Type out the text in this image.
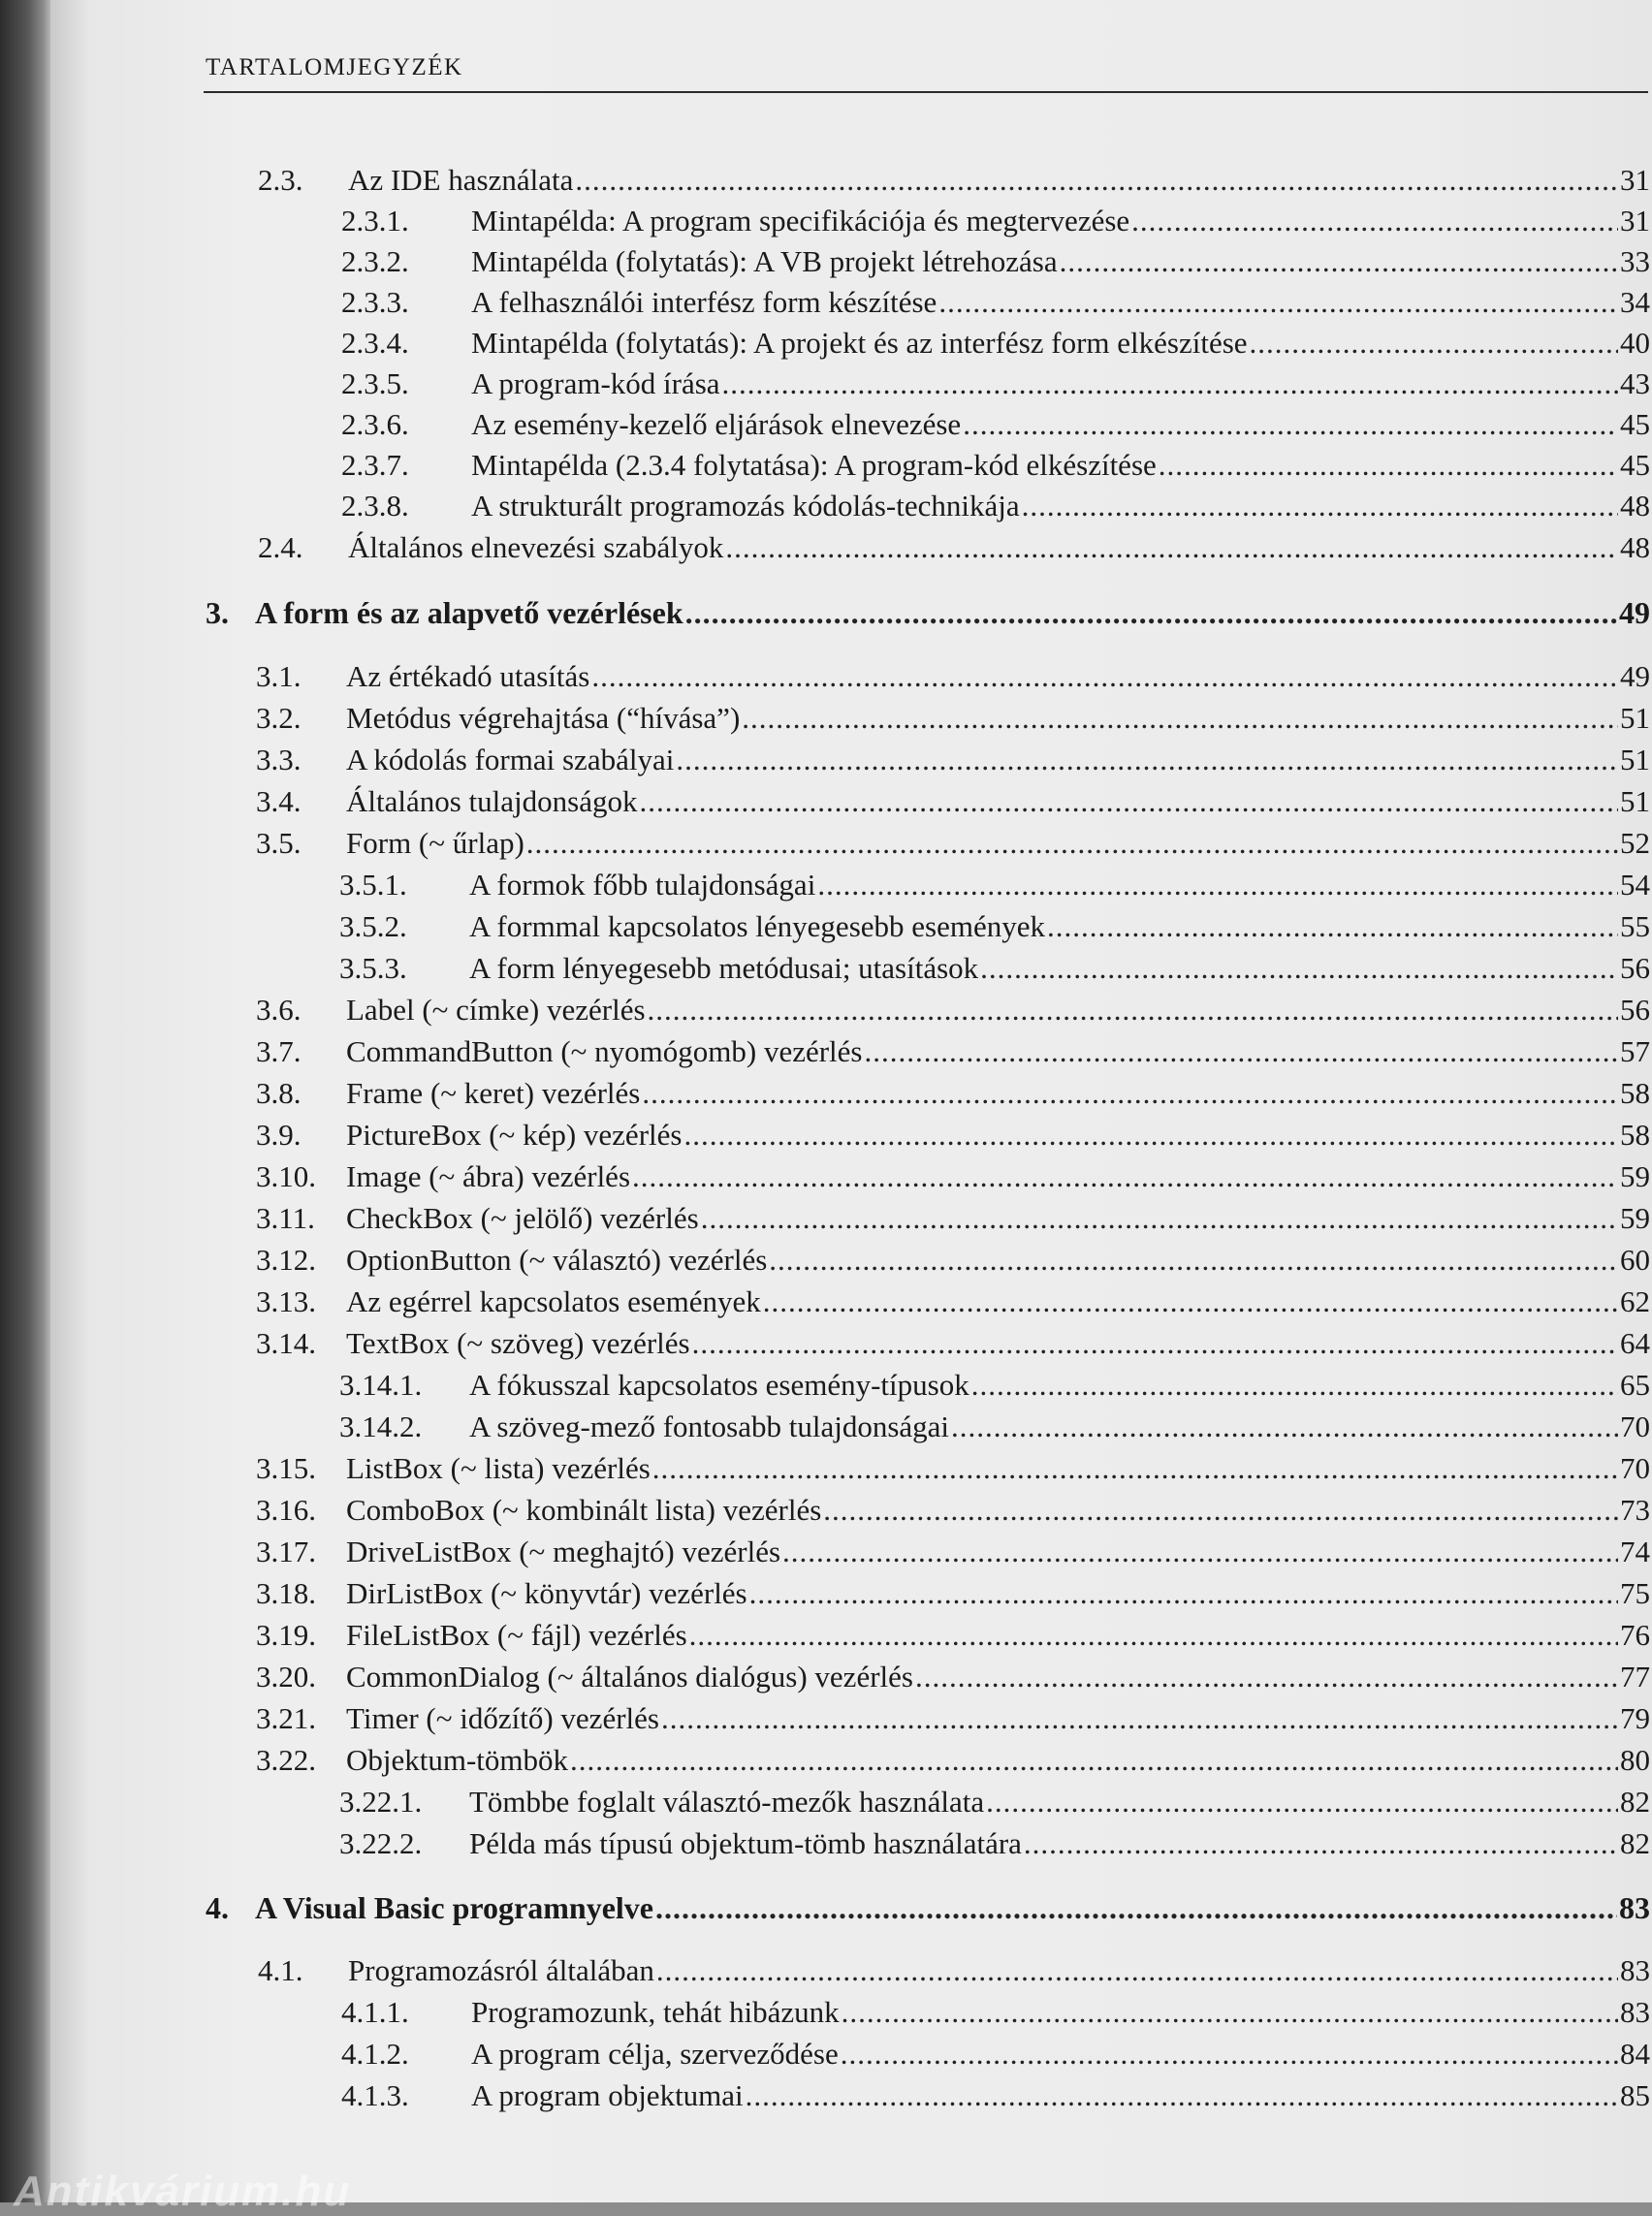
TARTALOMJEGYZÉK
2.3.	Az IDE használata .....	31
2.3.1.	Mintapélda: A program specifikációja és megtervezése .....	31
2.3.2.	Mintapélda (folytatás): A VB projekt létrehozása .....	33
2.3.3.	A felhasználói interfész form készítése .....	34
2.3.4.	Mintapélda (folytatás): A projekt és az interfész form elkészítése .....	40
2.3.5.	A program-kód írása .....	43
2.3.6.	Az esemény-kezelő eljárások elnevezése .....	45
2.3.7.	Mintapélda (2.3.4 folytatása): A program-kód elkészítése .....	45
2.3.8.	A strukturált programozás kódolás-technikája .....	48
2.4.	Általános elnevezési szabályok .....	48
3. A form és az alapvető vezérlések .....	49
3.1.	Az értékadó utasítás .....	49
3.2.	Metódus végrehajtása (“hívása”) .....	51
3.3.	A kódolás formai szabályai .....	51
3.4.	Általános tulajdonságok .....	51
3.5.	Form (~ űrlap) .....	52
3.5.1.	A formok főbb tulajdonságai .....	54
3.5.2.	A formmal kapcsolatos lényegesebb események .....	55
3.5.3.	A form lényegesebb metódusai; utasítások .....	56
3.6.	Label (~ címke) vezérlés .....	56
3.7.	CommandButton (~ nyomógomb) vezérlés .....	57
3.8.	Frame (~ keret) vezérlés .....	58
3.9.	PictureBox (~ kép) vezérlés .....	58
3.10.	Image (~ ábra) vezérlés .....	59
3.11.	CheckBox (~ jelölő) vezérlés .....	59
3.12.	OptionButton (~ választó) vezérlés .....	60
3.13.	Az egérrel kapcsolatos események .....	62
3.14.	TextBox (~ szöveg) vezérlés .....	64
3.14.1.	A fókusszal kapcsolatos esemény-típusok .....	65
3.14.2.	A szöveg-mező fontosabb tulajdonságai .....	70
3.15.	ListBox (~ lista) vezérlés .....	70
3.16.	ComboBox (~ kombinált lista) vezérlés .....	73
3.17.	DriveListBox (~ meghajtó) vezérlés .....	74
3.18.	DirListBox (~ könyvtár) vezérlés .....	75
3.19.	FileListBox (~ fájl) vezérlés .....	76
3.20.	CommonDialog (~ általános dialógus) vezérlés .....	77
3.21.	Timer (~ időzítő) vezérlés .....	79
3.22.	Objektum-tömbök .....	80
3.22.1.	Tömbbe foglalt választó-mezők használata .....	82
3.22.2.	Példa más típusú objektum-tömb használatára .....	82
4. A Visual Basic programnyelve .....	83
4.1.	Programozásról általában .....	83
4.1.1.	Programozunk, tehát hibázunk .....	83
4.1.2.	A program célja, szerveződése .....	84
4.1.3.	A program objektumai .....	85
Antikvárium.hu
